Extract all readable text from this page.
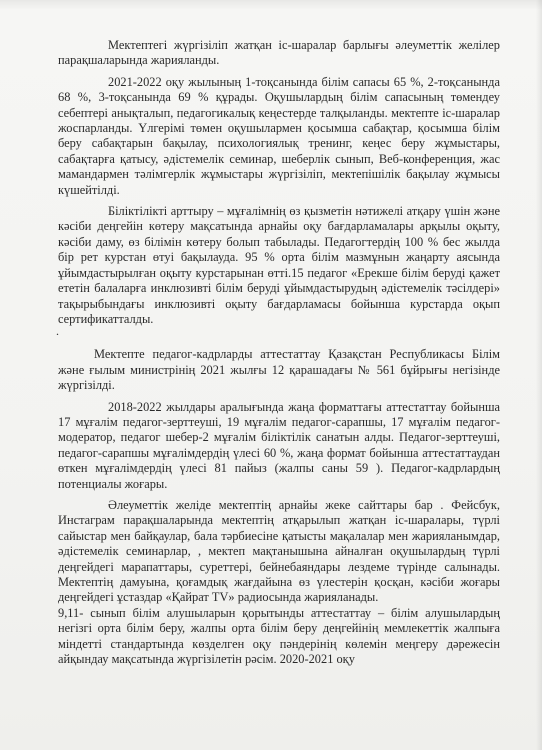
Мектептегі жүргізіліп жатқан іс-шаралар барлығы әлеуметтік желілер парақшаларында жарияланды.

2021-2022 оқу жылының 1-тоқсанында білім сапасы 65 %, 2-тоқсанында 68 %, 3-тоқсанында 69 % құрады. Оқушылардың білім сапасының төмендеу себептері анықталып, педагогикалық кеңестерде талқыланды. мектепте іс-шаралар жоспарланды. Үлгерімі төмен оқушылармен қосымша сабақтар, қосымша білім беру сабақтарын бақылау, психологиялық тренинг, кеңес беру жұмыстары, сабақтарға қатысу, әдістемелік семинар, шеберлік сынып, Веб-конференция, жас мамандармен тәлімгерлік жұмыстары жүргізіліп, мектепішілік бақылау жұмысы күшейтілді.

Біліктілікті арттыру – мұғалімнің өз қызметін нәтижелі атқару үшін және кәсіби деңгейін көтеру мақсатында арнайы оқу бағдарламалары арқылы оқыту, кәсіби даму, өз білімін көтеру болып табылады. Педагогтердің 100 % бес жылда бір рет курстан өтуі бақылауда. 95 % орта білім мазмұнын жаңарту аясында ұйымдастырылған оқыту курстарынан өтті.15 педагог «Ерекше білім беруді қажет ететін балаларға инклюзивті білім беруді ұйымдастырудың әдістемелік тәсілдері» тақырыбындағы инклюзивті оқыту бағдарламасы бойынша курстарда оқып сертификатталды.

.

Мектепте педагог-кадрларды аттестаттау Қазақстан Республикасы Білім және ғылым министрінің 2021 жылғы 12 қарашадағы № 561 бұйрығы негізінде жүргізілді.

2018-2022 жылдары аралығында жаңа форматтағы аттестаттау бойынша 17 мұғалім педагог-зерттеуші, 19 мұғалім педагог-сарапшы, 17 мұғалім педагог-модератор, педагог шебер-2 мұғалім біліктілік санатын алды. Педагог-зерттеуші, педагог-сарапшы мұғалімдердің үлесі 60 %, жаңа формат бойынша аттестаттаудан өткен мұғалімдердің үлесі 81 пайыз (жалпы саны 59 ). Педагог-кадрлардың потенциалы жоғары.

Әлеуметтік желіде мектептің арнайы жеке сайттары бар . Фейсбук, Инстаграм парақшаларында мектептің атқарылып жатқан іс-шаралары, түрлі сайыстар мен байқаулар, бала тәрбиесіне қатысты мақалалар мен жарияланымдар, әдістемелік семинарлар, , мектеп мақтанышына айналған оқушылардың түрлі деңгейдегі марапаттары, суреттері, бейнебаяндары лездеме түрінде салынады. Мектептің дамуына, қоғамдық жағдайына өз үлестерін қосқан, кәсіби жоғары деңгейдегі ұстаздар «Қайрат TV» радиосында жарияланады.

9,11- сынып білім алушыларын қорытынды аттестаттау – білім алушылардың негізгі орта білім беру, жалпы орта білім беру деңгейінің мемлекеттік жалпыға міндетті стандартында көзделген оқу пәндерінің көлемін меңгеру дәрежесін айқындау мақсатында жүргізілетін рәсім. 2020-2021 оқу
